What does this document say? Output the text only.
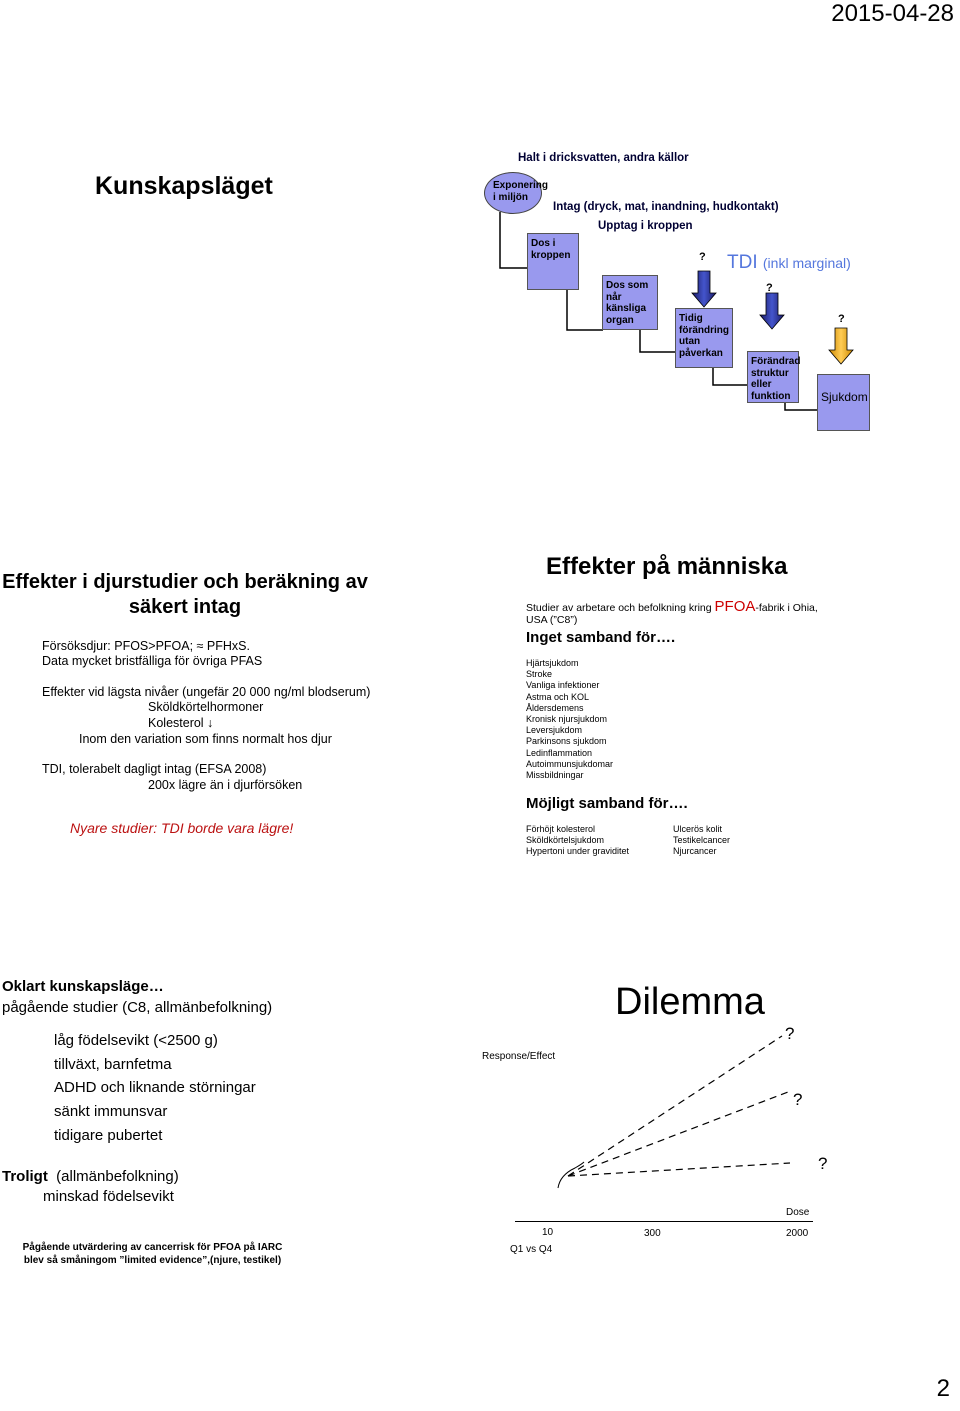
2015-04-28
Kunskapsläget
Halt i dricksvatten, andra källor
Exponering
i miljön
Intag (dryck, mat, inandning, hudkontakt)
Upptag i kroppen
Dos i
kroppen
Dos som
når
känsliga
organ	Tidig
förändring
utan
påverkan
Förändrad
struktur
eller
funktion	Sjukdom
?
?
?
TDI (inkl marginal)
Effekter i djurstudier och beräkning av säkert intag
Försöksdjur: PFOS>PFOA; ≈ PFHxS.
Data mycket bristfälliga för övriga PFAS
Effekter vid lägsta nivåer (ungefär 20 000 ng/ml blodserum)
Sköldkörtelhormoner
Kolesterol ↓
Inom den variation som finns normalt hos djur
TDI, tolerabelt dagligt intag (EFSA 2008)
200x lägre än i djurförsöken
Nyare studier: TDI borde vara lägre!
Effekter på människa
Studier av arbetare och befolkning kring PFOA-fabrik i Ohia, USA (”C8”)
Inget samband för….
Hjärtsjukdom
Stroke
Vanliga infektioner
Astma och KOL
Åldersdemens
Kronisk njursjukdom
Leversjukdom
Parkinsons sjukdom
Ledinflammation
Autoimmunsjukdomar
Missbildningar
Möjligt samband för….
Förhöjt kolesterol
Sköldkörtelsjukdom
Hypertoni under graviditet
Ulcerös kolit
Testikelcancer
Njurcancer
Oklart kunskapsläge…
pågående studier (C8, allmänbefolkning)
låg födelsevikt (<2500 g)
tillväxt, barnfetma
ADHD och liknande störningar
sänkt immunsvar
tidigare pubertet
Troligt (allmänbefolkning)
minskad födelsevikt
Pågående utvärdering av cancerrisk för PFOA på IARC
blev så småningom ”limited evidence”,(njure, testikel)
Dilemma
Response/Effect
Dose
10	300	2000
Q1 vs Q4
?
?
?
2
